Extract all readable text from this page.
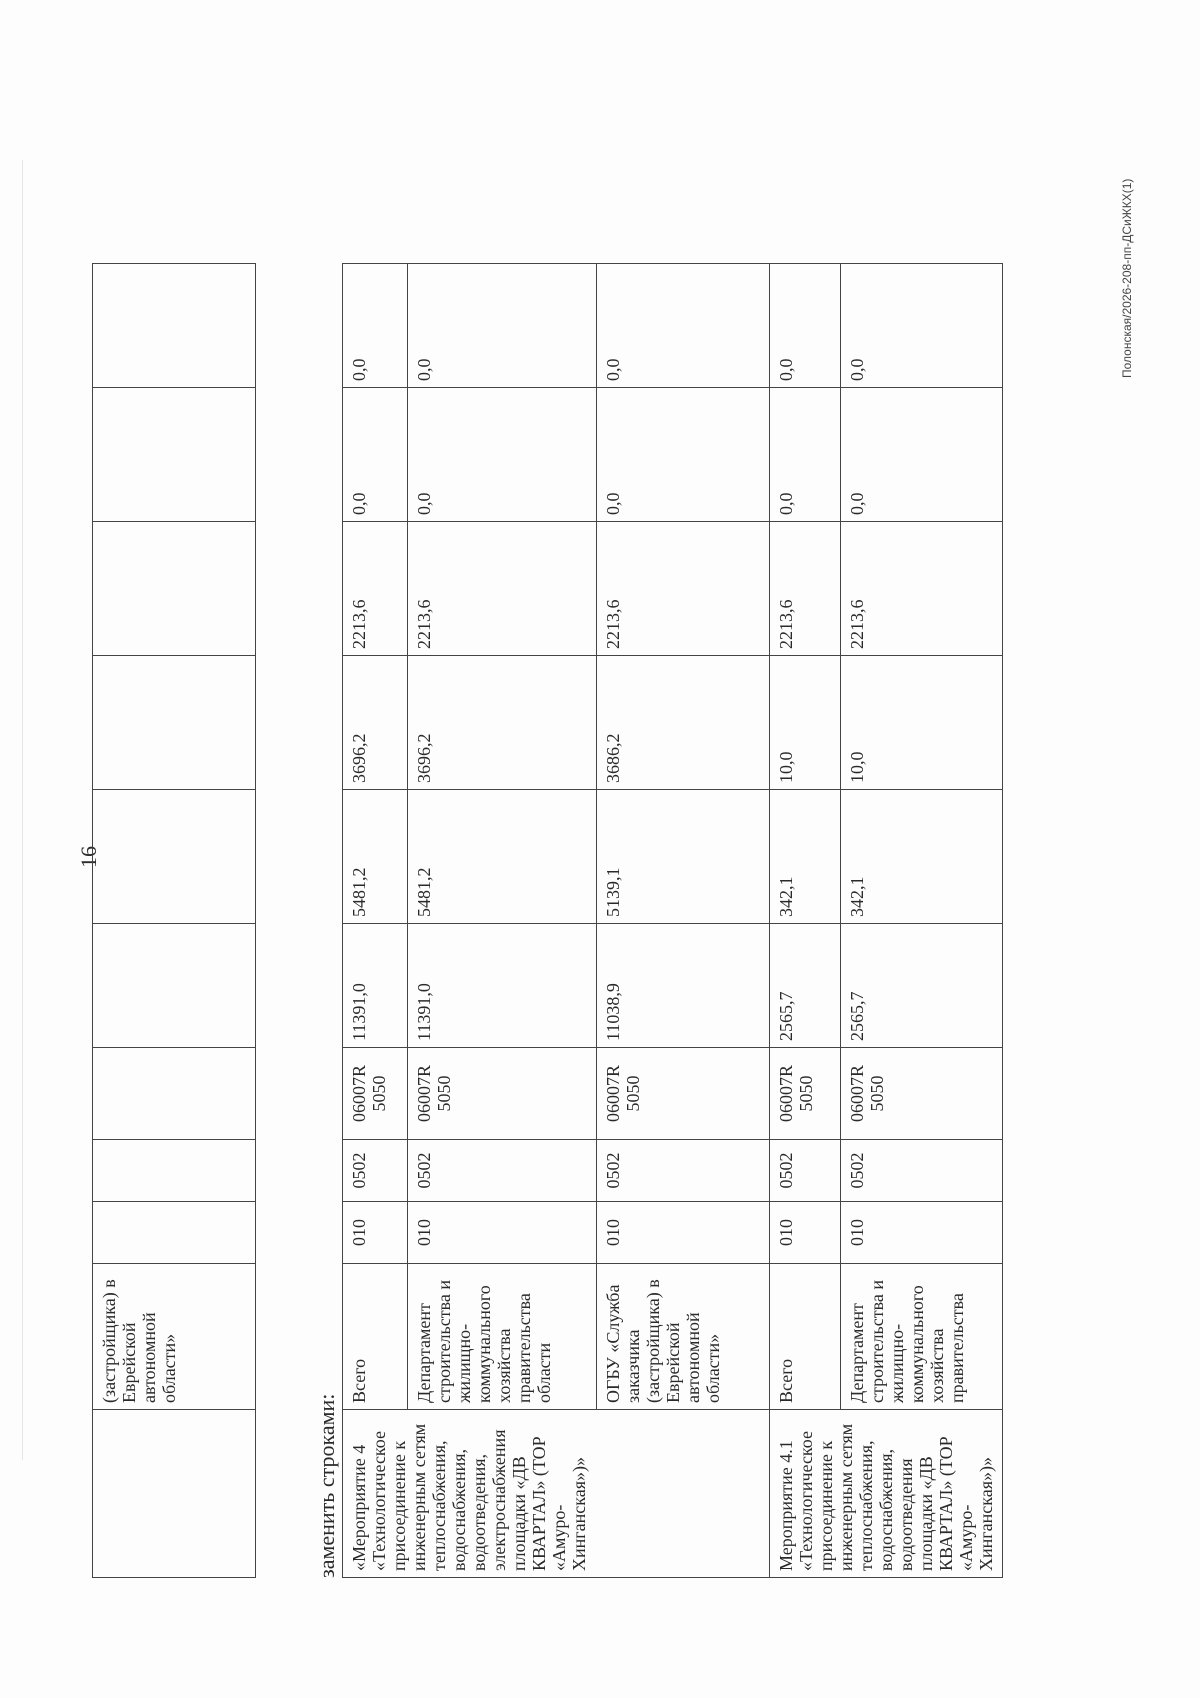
16
	(застройщика) в Еврейской автономной области»									
заменить строками: «Мероприятие 4 «Технологическое присоединение к инженерным сетям теплоснабжения, водоснабжения, водоотведения, электроснабжения площадки «ДВ КВАРТАЛ» (ТОР «Амуро-Хинганская»)»	Всего	010	0502	06007R 5050	11391,0	5481,2	3696,2	2213,6	0,0	0,0
	Департамент строительства и жилищно-коммунального хозяйства правительства области	010	0502	06007R 5050	11391,0	5481,2	3696,2	2213,6	0,0	0,0
	ОГБУ «Служба заказчика (застройщика) в Еврейской автономной области»	010	0502	06007R 5050	11038,9	5139,1	3686,2	2213,6	0,0	0,0
Мероприятие 4.1 «Технологическое присоединение к инженерным сетям теплоснабжения, водоснабжения, водоотведения площадки «ДВ КВАРТАЛ» (ТОР «Амуро-Хинганская»)»	Всего	010	0502	06007R 5050	2565,7	342,1	10,0	2213,6	0,0	0,0
	Департамент строительства и жилищно-коммунального хозяйства правительства	010	0502	06007R 5050	2565,7	342,1	10,0	2213,6	0,0	0,0	Полонская/2026-208-пп-ДСиЖКХ(1)
